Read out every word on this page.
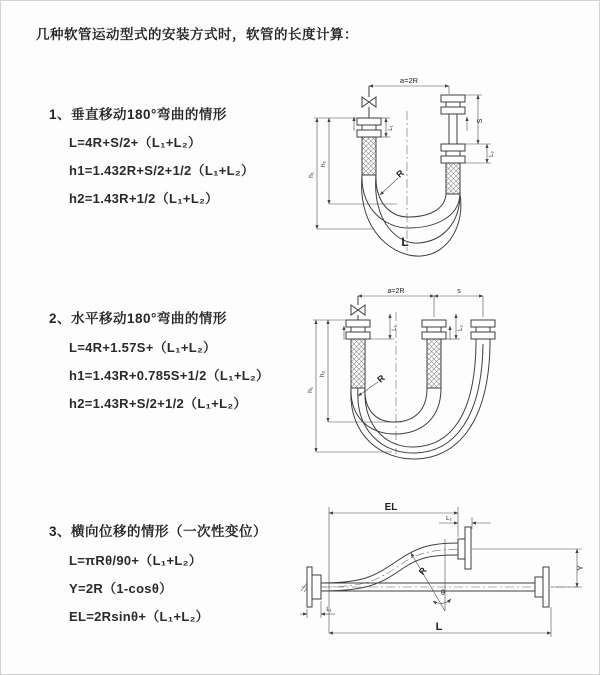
几种软管运动型式的安装方式时，软管的长度计算：
1、垂直移动180°弯曲的情形
L=4R+S/2+（L₁+L₂）
h1=1.432R+S/2+1/2（L₁+L₂）
h2=1.43R+1/2（L₁+L₂）
2、水平移动180°弯曲的情形
L=4R+1.57S+（L₁+L₂）
h1=1.43R+0.785S+1/2（L₁+L₂）
h2=1.43R+S/2+1/2（L₁+L₂）
3、横向位移的情形（一次性变位）
L=πRθ/90+（L₁+L₂）
Y=2R（1-cosθ）
EL=2Rsinθ+（L₁+L₂）
a=2R
L₁
S
L₂
h₁
h₂
R
L
a=2R	s
L₁	L₂
h₁
h₂	R
EL
L₂
Y
R
θ
L₁
L
